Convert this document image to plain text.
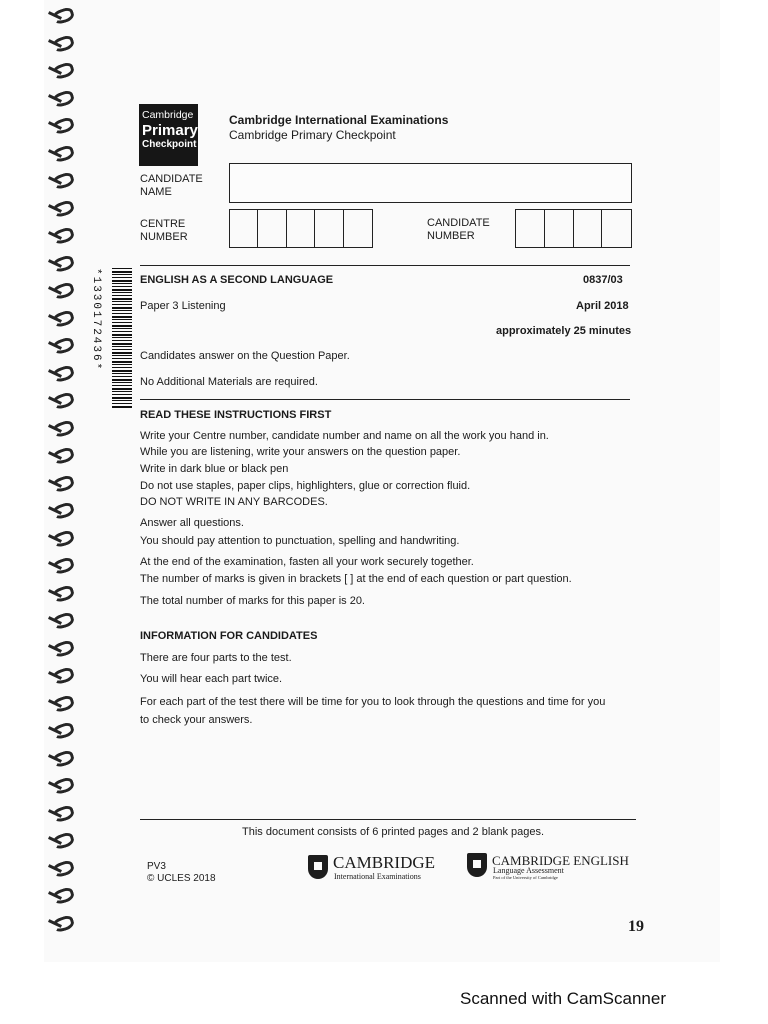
*1330172436*
Cambridge
Primary
Checkpoint
Cambridge International Examinations
Cambridge Primary Checkpoint
CANDIDATE NAME
CENTRE NUMBER
CANDIDATE NUMBER
ENGLISH AS A SECOND LANGUAGE	0837/03
Paper 3 Listening	April 2018
approximately 25 minutes
Candidates answer on the Question Paper.
No Additional Materials are required.
READ THESE INSTRUCTIONS FIRST
Write your Centre number, candidate number and name on all the work you hand in.
While you are listening, write your answers on the question paper.
Write in dark blue or black pen
Do not use staples, paper clips, highlighters, glue or correction fluid.
DO NOT WRITE IN ANY BARCODES.
Answer all questions.
You should pay attention to punctuation, spelling and handwriting.
At the end of the examination, fasten all your work securely together.
The number of marks is given in brackets [ ] at the end of each question or part question.
The total number of marks for this paper is 20.
INFORMATION FOR CANDIDATES
There are four parts to the test.
You will hear each part twice.
For each part of the test there will be time for you to look through the questions and time for you
to check your answers.
This document consists of 6 printed pages and 2 blank pages.
PV3
© UCLES 2018
CAMBRIDGE
International Examinations
CAMBRIDGE ENGLISH
Language Assessment
Part of the University of Cambridge
19
Scanned with CamScanner
